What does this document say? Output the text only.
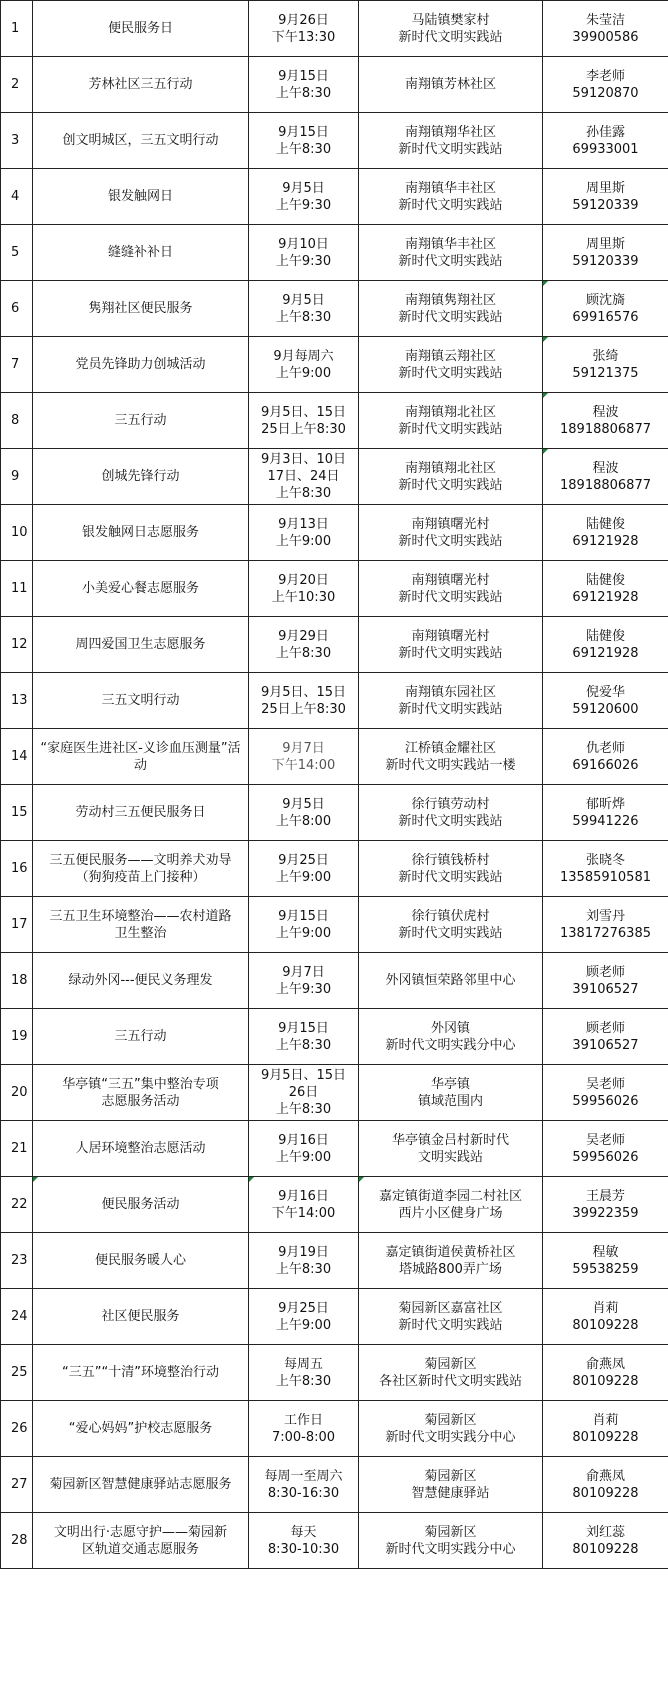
1	便民服务日	9月26日
下午13:30	马陆镇樊家村
新时代文明实践站	朱莹洁
39900586

2	芳林社区三五行动	9月15日
上午8:30	南翔镇芳林社区	李老师
59120870

3	创文明城区，三五文明行动	9月15日
上午8:30	南翔镇翔华社区
新时代文明实践站	孙佳露
69933001

4	银发触网日	9月5日
上午9:30	南翔镇华丰社区
新时代文明实践站	周里斯
59120339

5	缝缝补补日	9月10日
上午9:30	南翔镇华丰社区
新时代文明实践站	周里斯
59120339

6	隽翔社区便民服务	9月5日
上午8:30	南翔镇隽翔社区
新时代文明实践站	顾沈旖
69916576

7	党员先锋助力创城活动	9月每周六
上午9:00	南翔镇云翔社区
新时代文明实践站	张绮
59121375

8	三五行动	9月5日、15日
25日上午8:30	南翔镇翔北社区
新时代文明实践站	程波
18918806877

9	创城先锋行动	9月3日、10日
17日、24日
上午8:30	南翔镇翔北社区
新时代文明实践站	程波
18918806877

10	银发触网日志愿服务	9月13日
上午9:00	南翔镇曙光村
新时代文明实践站	陆健俊
69121928

11	小美爱心餐志愿服务	9月20日
上午10:30	南翔镇曙光村
新时代文明实践站	陆健俊
69121928

12	周四爱国卫生志愿服务	9月29日
上午8:30	南翔镇曙光村
新时代文明实践站	陆健俊
69121928

13	三五文明行动	9月5日、15日
25日上午8:30	南翔镇东园社区
新时代文明实践站	倪爱华
59120600

14	“家庭医生进社区-义诊血压测量”活动	9月7日
下午14:00	江桥镇金耀社区
新时代文明实践站一楼	仇老师
69166026

15	劳动村三五便民服务日	9月5日
上午8:00	徐行镇劳动村
新时代文明实践站	郁昕烨
59941226

16	三五便民服务——文明养犬劝导
（狗狗疫苗上门接种）	9月25日
上午9:00	徐行镇钱桥村
新时代文明实践站	张晓冬
13585910581

17	三五卫生环境整治——农村道路
卫生整治	9月15日
上午9:00	徐行镇伏虎村
新时代文明实践站	刘雪丹
13817276385

18	绿动外冈---便民义务理发	9月7日
上午9:30	外冈镇恒荣路邻里中心	顾老师
39106527

19	三五行动	9月15日
上午8:30	外冈镇
新时代文明实践分中心	顾老师
39106527

20	华亭镇“三五”集中整治专项
志愿服务活动	9月5日、15日
26日
上午8:30	华亭镇
镇域范围内	吴老师
59956026

21	人居环境整治志愿活动	9月16日
上午9:00	华亭镇金吕村新时代
文明实践站	吴老师
59956026

22	便民服务活动	9月16日
下午14:00	嘉定镇街道李园二村社区
西片小区健身广场	王晨芳
39922359

23	便民服务暖人心	9月19日
上午8:30	嘉定镇街道侯黄桥社区
塔城路800弄广场	程敏
59538259

24	社区便民服务	9月25日
上午9:00	菊园新区嘉富社区
新时代文明实践站	肖莉
80109228

25	“三五”“十清”环境整治行动	每周五
上午8:30	菊园新区
各社区新时代文明实践站	俞燕凤
80109228

26	“爱心妈妈”护校志愿服务	工作日
7:00-8:00	菊园新区
新时代文明实践分中心	肖莉
80109228

27	菊园新区智慧健康驿站志愿服务	每周一至周六
8:30-16:30	菊园新区
智慧健康驿站	俞燕凤
80109228

28	文明出行·志愿守护——菊园新
区轨道交通志愿服务	每天
8:30-10:30	菊园新区
新时代文明实践分中心	刘红蕊
80109228
